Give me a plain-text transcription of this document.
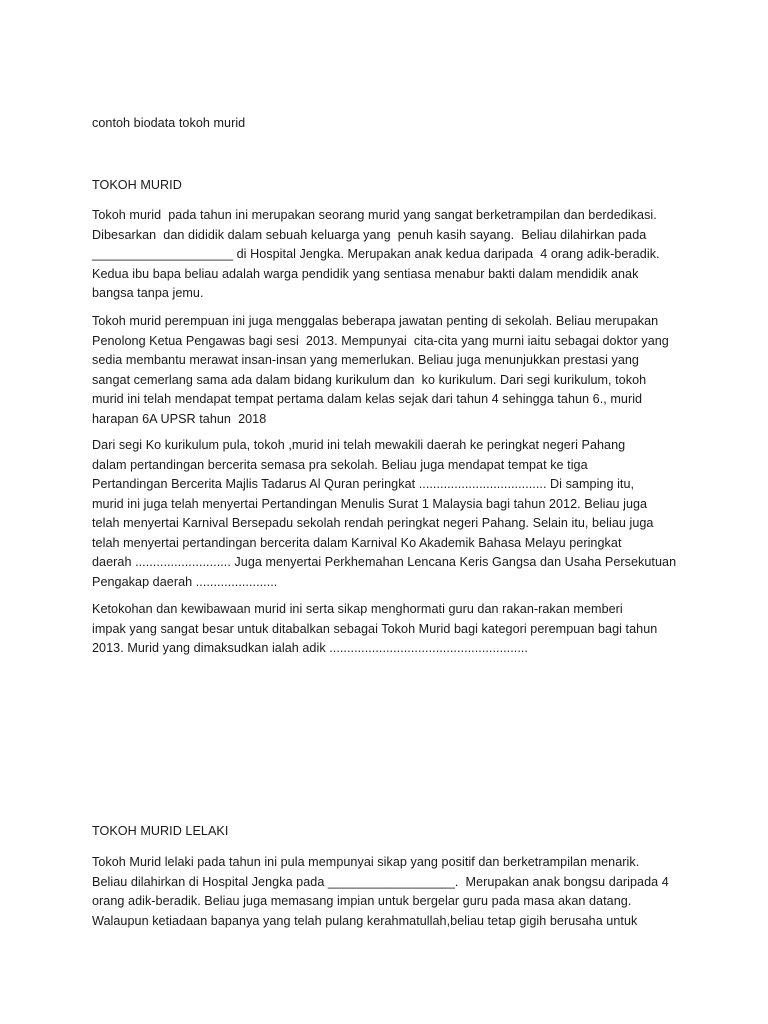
contoh biodata tokoh murid
TOKOH MURID
Tokoh murid  pada tahun ini merupakan seorang murid yang sangat berketrampilan dan berdedikasi.
Dibesarkan  dan dididik dalam sebuah keluarga yang  penuh kasih sayang.  Beliau dilahirkan pada
____________________ di Hospital Jengka. Merupakan anak kedua daripada  4 orang adik-beradik.
Kedua ibu bapa beliau adalah warga pendidik yang sentiasa menabur bakti dalam mendidik anak
bangsa tanpa jemu.
Tokoh murid perempuan ini juga menggalas beberapa jawatan penting di sekolah. Beliau merupakan
Penolong Ketua Pengawas bagi sesi  2013. Mempunyai  cita-cita yang murni iaitu sebagai doktor yang
sedia membantu merawat insan-insan yang memerlukan. Beliau juga menunjukkan prestasi yang
sangat cemerlang sama ada dalam bidang kurikulum dan  ko kurikulum. Dari segi kurikulum, tokoh
murid ini telah mendapat tempat pertama dalam kelas sejak dari tahun 4 sehingga tahun 6., murid
harapan 6A UPSR tahun  2018
Dari segi Ko kurikulum pula, tokoh ,murid ini telah mewakili daerah ke peringkat negeri Pahang
dalam pertandingan bercerita semasa pra sekolah. Beliau juga mendapat tempat ke tiga
Pertandingan Bercerita Majlis Tadarus Al Quran peringkat .................................... Di samping itu,
murid ini juga telah menyertai Pertandingan Menulis Surat 1 Malaysia bagi tahun 2012. Beliau juga
telah menyertai Karnival Bersepadu sekolah rendah peringkat negeri Pahang. Selain itu, beliau juga
telah menyertai pertandingan bercerita dalam Karnival Ko Akademik Bahasa Melayu peringkat
daerah ........................... Juga menyertai Perkhemahan Lencana Keris Gangsa dan Usaha Persekutuan
Pengakap daerah .......................
Ketokohan dan kewibawaan murid ini serta sikap menghormati guru dan rakan-rakan memberi
impak yang sangat besar untuk ditabalkan sebagai Tokoh Murid bagi kategori perempuan bagi tahun
2013. Murid yang dimaksudkan ialah adik ........................................................
TOKOH MURID LELAKI
Tokoh Murid lelaki pada tahun ini pula mempunyai sikap yang positif dan berketrampilan menarik.
Beliau dilahirkan di Hospital Jengka pada __________________.  Merupakan anak bongsu daripada 4
orang adik-beradik. Beliau juga memasang impian untuk bergelar guru pada masa akan datang.
Walaupun ketiadaan bapanya yang telah pulang kerahmatullah,beliau tetap gigih berusaha untuk
